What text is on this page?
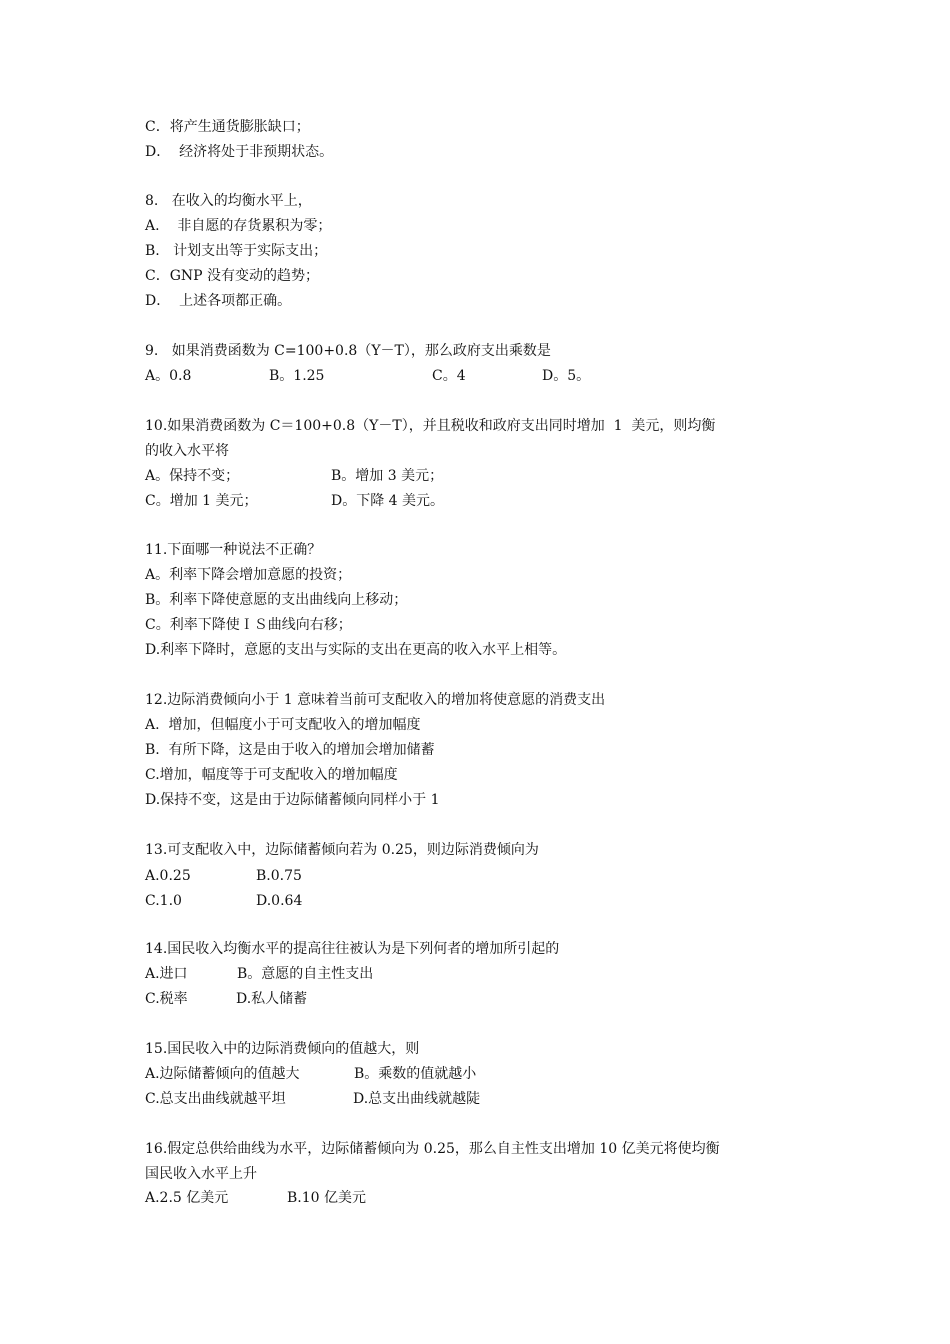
C．将产生通货膨胀缺口；
D．  经济将处于非预期状态。
8.   在收入的均衡水平上，
A.    非自愿的存货累积为零；
B.   计划支出等于实际支出；
C．GNP 没有变动的趋势；
D．  上述各项都正确。
9.   如果消费函数为 C=100+0.8（Y－T），那么政府支出乘数是
A。0.8	B。1.25	C。4	D。5。
10.如果消费函数为 C＝100+0.8（Y－T），并且税收和政府支出同时增加  1  美元，则均衡
的收入水平将
A。保持不变；	B。增加 3 美元；
C。增加 1 美元；	D。下降 4 美元。
11.下面哪一种说法不正确？
A。利率下降会增加意愿的投资；
B。利率下降使意愿的支出曲线向上移动；
C。利率下降使ＩＳ曲线向右移；
D.利率下降时，意愿的支出与实际的支出在更高的收入水平上相等。
12.边际消费倾向小于 1 意味着当前可支配收入的增加将使意愿的消费支出
A.  增加，但幅度小于可支配收入的增加幅度
B.  有所下降，这是由于收入的增加会增加储蓄
C.增加，幅度等于可支配收入的增加幅度
D.保持不变，这是由于边际储蓄倾向同样小于 1
13.可支配收入中，边际储蓄倾向若为 0.25，则边际消费倾向为
A.0.25	B.0.75
C.1.0	D.0.64
14.国民收入均衡水平的提高往往被认为是下列何者的增加所引起的
A.进口	B。意愿的自主性支出
C.税率	D.私人储蓄
15.国民收入中的边际消费倾向的值越大，则
A.边际储蓄倾向的值越大	B。乘数的值就越小
C.总支出曲线就越平坦	D.总支出曲线就越陡
16.假定总供给曲线为水平，边际储蓄倾向为 0.25，那么自主性支出增加 10 亿美元将使均衡
国民收入水平上升
A.2.5 亿美元	B.10 亿美元
